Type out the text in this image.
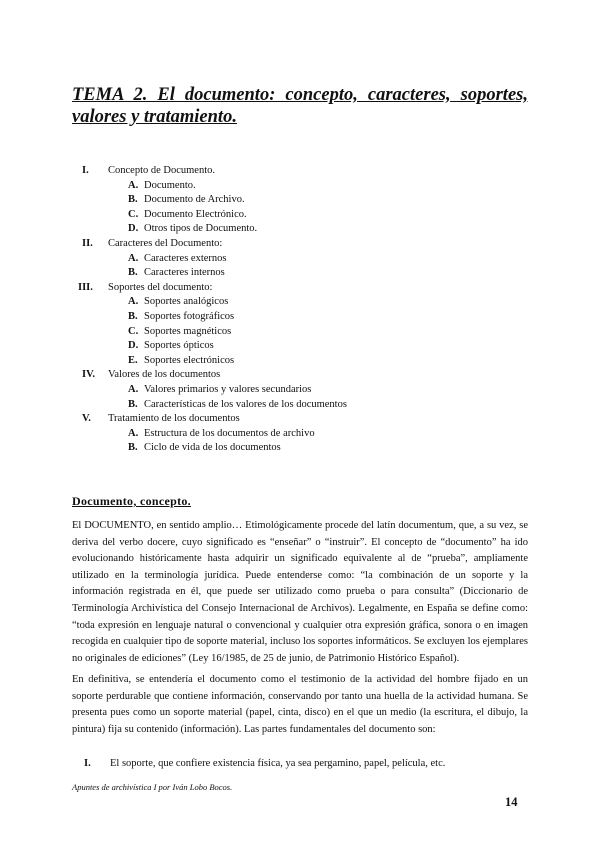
TEMA 2. El documento: concepto, caracteres, soportes, valores y tratamiento.
I. Concepto de Documento.
A. Documento.
B. Documento de Archivo.
C. Documento Electrónico.
D. Otros tipos de Documento.
II. Caracteres del Documento:
A. Caracteres externos
B. Caracteres internos
III. Soportes del documento:
A. Soportes analógicos
B. Soportes fotográficos
C. Soportes magnéticos
D. Soportes ópticos
E. Soportes electrónicos
IV. Valores de los documentos
A. Valores primarios y valores secundarios
B. Características de los valores de los documentos
V. Tratamiento de los documentos
A. Estructura de los documentos de archivo
B. Ciclo de vida de los documentos
Documento, concepto.

El DOCUMENTO, en sentido amplio… Etimológicamente procede del latín documentum, que, a su vez, se deriva del verbo docere, cuyo significado es “enseñar” o “instruir”. El concepto de “documento” ha ido evolucionando históricamente hasta adquirir un significado equivalente al de “prueba”, ampliamente utilizado en la terminología jurídica. Puede entenderse como: “la combinación de un soporte y la información registrada en él, que puede ser utilizado como prueba o para consulta” (Diccionario de Terminología Archivística del Consejo Internacional de Archivos). Legalmente, en España se define como: “toda expresión en lenguaje natural o convencional y cualquier otra expresión gráfica, sonora o en imagen recogida en cualquier tipo de soporte material, incluso los soportes informáticos. Se excluyen los ejemplares no originales de ediciones” (Ley 16/1985, de 25 de junio, de Patrimonio Histórico Español).

En definitiva, se entendería el documento como el testimonio de la actividad del hombre fijado en un soporte perdurable que contiene información, conservando por tanto una huella de la actividad humana. Se presenta pues como un soporte material (papel, cinta, disco) en el que un medio (la escritura, el dibujo, la pintura) fija su contenido (información). Las partes fundamentales del documento son:

I. El soporte, que confiere existencia física, ya sea pergamino, papel, película, etc.
Apuntes de archivística I por Iván Lobo Bocos.
14
